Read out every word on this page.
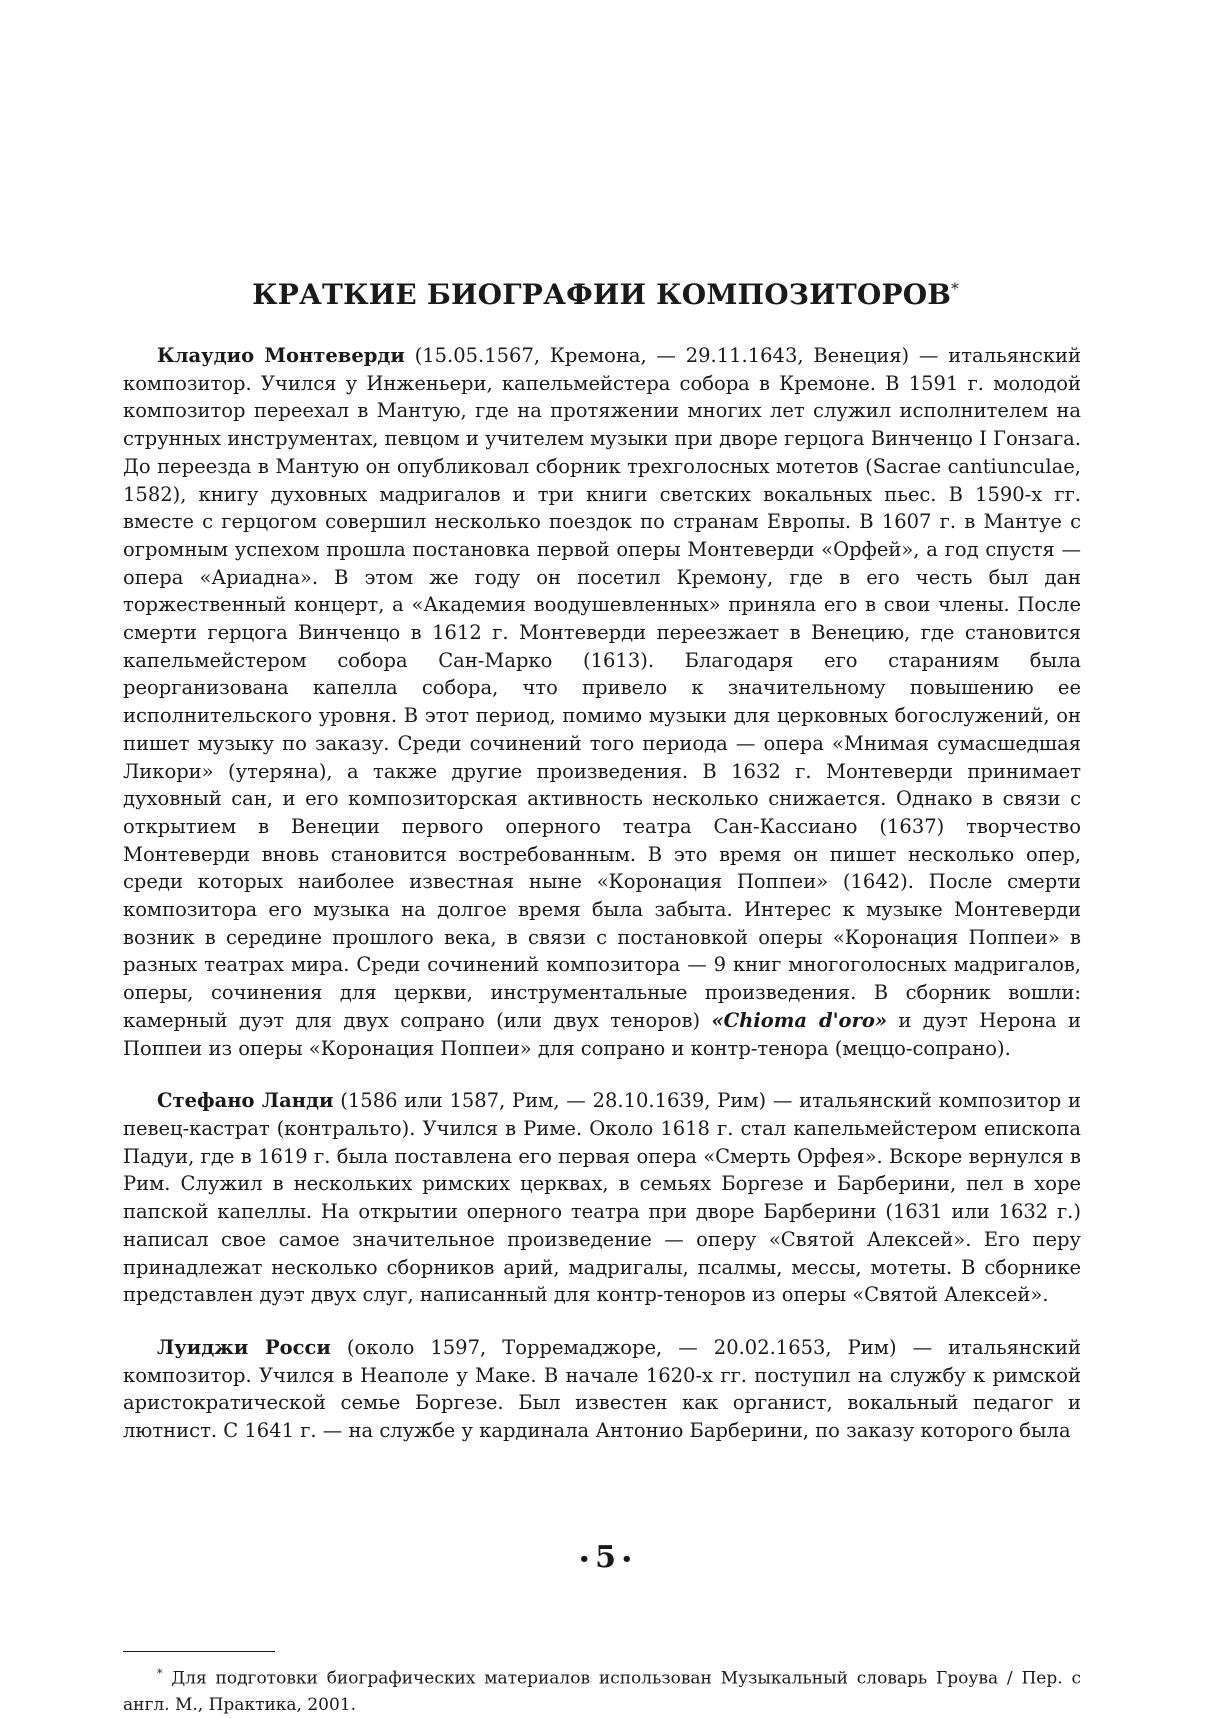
КРАТКИЕ БИОГРАФИИ КОМПОЗИТОРОВ*

Клаудио Монтеверди (15.05.1567, Кремона, — 29.11.1643, Венеция) — итальянский композитор. Учился у Инженьери, капельмейстера собора в Кремоне. В 1591 г. молодой композитор переехал в Мантую, где на протяжении многих лет служил исполнителем на струнных инструментах, певцом и учителем музыки при дворе герцога Винченцо I Гонзага. До переезда в Мантую он опубликовал сборник трехголосных мотетов (Sacrae cantiunculae, 1582), книгу духовных мадригалов и три книги светских вокальных пьес. В 1590-х гг. вместе с герцогом совершил несколько поездок по странам Европы. В 1607 г. в Мантуе с огромным успехом прошла постановка первой оперы Монтеверди «Орфей», а год спустя — опера «Ариадна». В этом же году он посетил Кремону, где в его честь был дан торжественный концерт, а «Академия воодушевленных» приняла его в свои члены. После смерти герцога Винченцо в 1612 г. Монтеверди переезжает в Венецию, где становится капельмейстером собора Сан-Марко (1613). Благодаря его стараниям была реорганизована капелла собора, что привело к значительному повышению ее исполнительского уровня. В этот период, помимо музыки для церковных богослужений, он пишет музыку по заказу. Среди сочинений того периода — опера «Мнимая сумасшедшая Ликори» (утеряна), а также другие произведения. В 1632 г. Монтеверди принимает духовный сан, и его композиторская активность несколько снижается. Однако в связи с открытием в Венеции первого оперного театра Сан-Кассиано (1637) творчество Монтеверди вновь становится востребованным. В это время он пишет несколько опер, среди которых наиболее известная ныне «Коронация Поппеи» (1642). После смерти композитора его музыка на долгое время была забыта. Интерес к музыке Монтеверди возник в середине прошлого века, в связи с постановкой оперы «Коронация Поппеи» в разных театрах мира. Среди сочинений композитора — 9 книг многоголосных мадригалов, оперы, сочинения для церкви, инструментальные произведения. В сборник вошли: камерный дуэт для двух сопрано (или двух теноров) «Chioma d'oro» и дуэт Нерона и Поппеи из оперы «Коронация Поппеи» для сопрано и контр-тенора (меццо-сопрано).

Стефано Ланди (1586 или 1587, Рим, — 28.10.1639, Рим) — итальянский композитор и певец-кастрат (контральто). Учился в Риме. Около 1618 г. стал капельмейстером епископа Падуи, где в 1619 г. была поставлена его первая опера «Смерть Орфея». Вскоре вернулся в Рим. Служил в нескольких римских церквах, в семьях Боргезе и Барберини, пел в хоре папской капеллы. На открытии оперного театра при дворе Барберини (1631 или 1632 г.) написал свое самое значительное произведение — оперу «Святой Алексей». Его перу принадлежат несколько сборников арий, мадригалы, псалмы, мессы, мотеты. В сборнике представлен дуэт двух слуг, написанный для контр-теноров из оперы «Святой Алексей».

Луиджи Росси (около 1597, Торремаджоре, — 20.02.1653, Рим) — итальянский композитор. Учился в Неаполе у Маке. В начале 1620-х гг. поступил на службу к римской аристократической семье Боргезе. Был известен как органист, вокальный педагог и лютнист. С 1641 г. — на службе у кардинала Антонио Барберини, по заказу которого была

• 5 •

* Для подготовки биографических материалов использован Музыкальный словарь Гроува / Пер. с англ. М., Практика, 2001.
